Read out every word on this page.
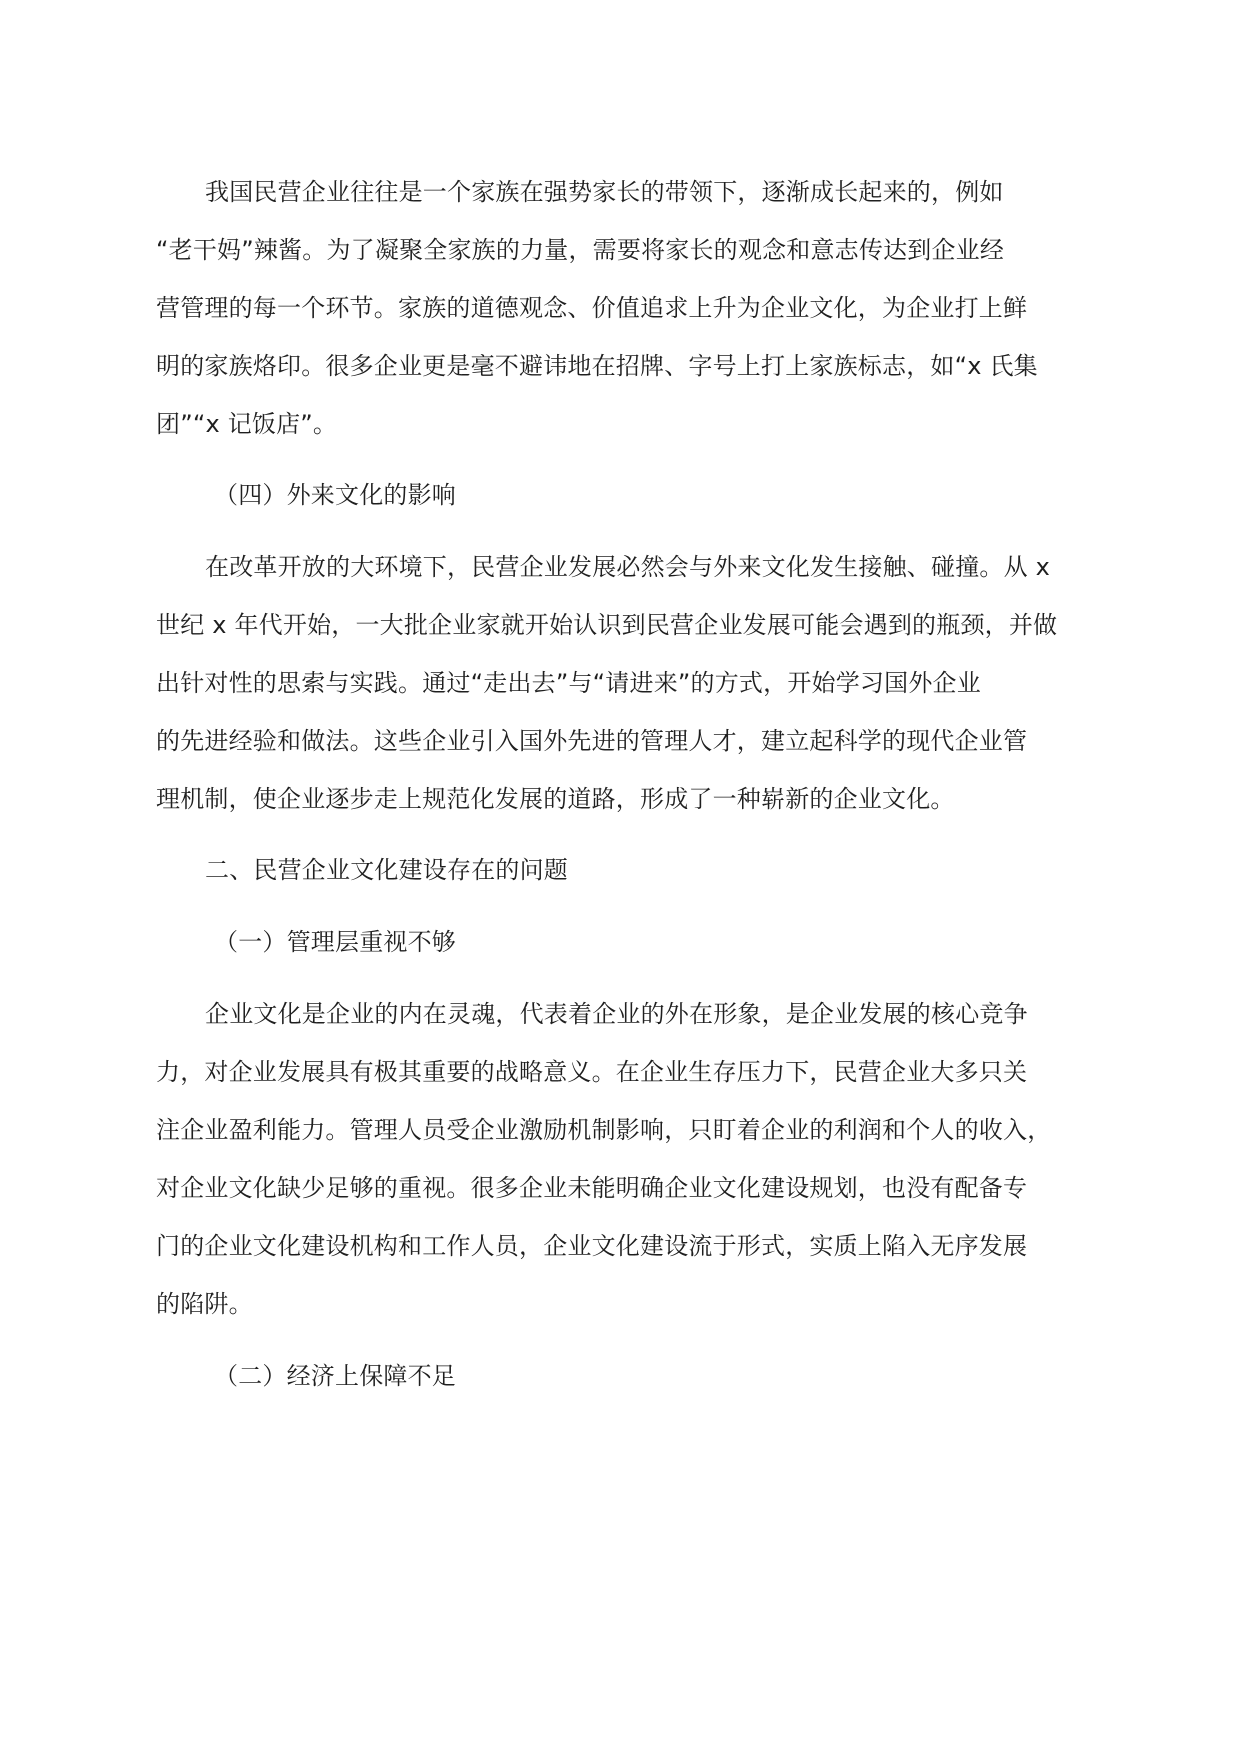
我国民营企业往往是一个家族在强势家长的带领下，逐渐成长起来的，例如
“老干妈”辣酱。为了凝聚全家族的力量，需要将家长的观念和意志传达到企业经
营管理的每一个环节。家族的道德观念、价值追求上升为企业文化，为企业打上鲜
明的家族烙印。很多企业更是毫不避讳地在招牌、字号上打上家族标志，如“x 氏集
团”“x 记饭店”。
（四）外来文化的影响
在改革开放的大环境下，民营企业发展必然会与外来文化发生接触、碰撞。从 x
世纪 x 年代开始，一大批企业家就开始认识到民营企业发展可能会遇到的瓶颈，并做
出针对性的思索与实践。通过“走出去”与“请进来”的方式，开始学习国外企业
的先进经验和做法。这些企业引入国外先进的管理人才，建立起科学的现代企业管
理机制，使企业逐步走上规范化发展的道路，形成了一种崭新的企业文化。
二、民营企业文化建设存在的问题
（一）管理层重视不够
企业文化是企业的内在灵魂，代表着企业的外在形象，是企业发展的核心竞争
力，对企业发展具有极其重要的战略意义。在企业生存压力下，民营企业大多只关
注企业盈利能力。管理人员受企业激励机制影响，只盯着企业的利润和个人的收入，
对企业文化缺少足够的重视。很多企业未能明确企业文化建设规划，也没有配备专
门的企业文化建设机构和工作人员，企业文化建设流于形式，实质上陷入无序发展
的陷阱。
（二）经济上保障不足
